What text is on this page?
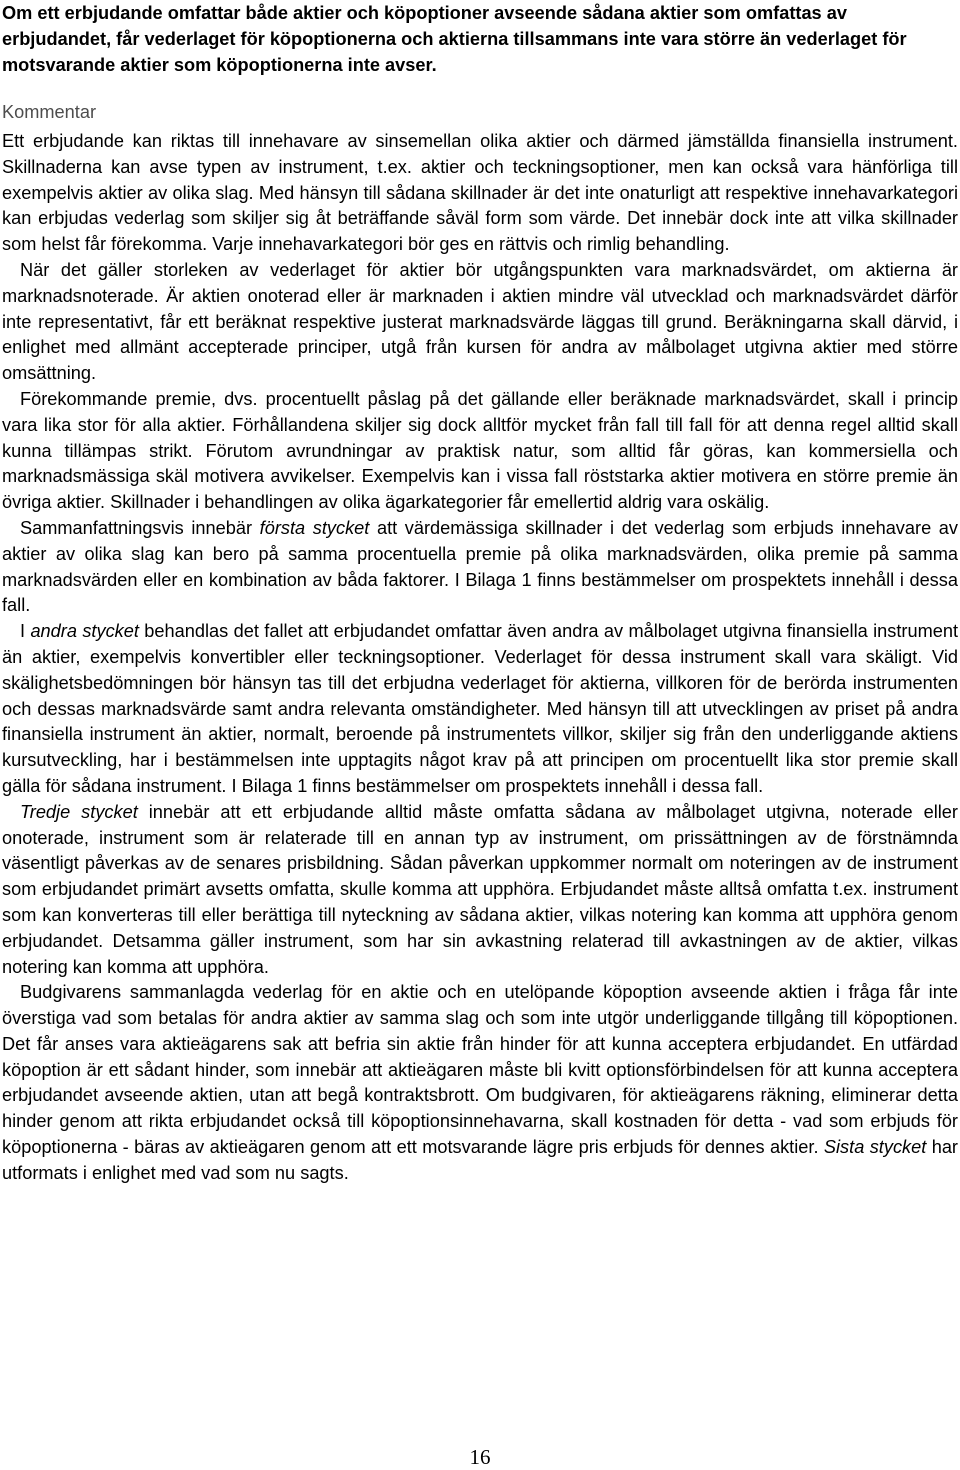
Om ett erbjudande omfattar både aktier och köpoptioner avseende sådana aktier som omfattas av erbjudandet, får vederlaget för köpoptionerna och aktierna tillsammans inte vara större än vederlaget för motsvarande aktier som köpoptionerna inte avser.
Kommentar

Ett erbjudande kan riktas till innehavare av sinsemellan olika aktier och därmed jämställda finansiella instrument. Skillnaderna kan avse typen av instrument, t.ex. aktier och teckningsoptioner, men kan också vara hänförliga till exempelvis aktier av olika slag. Med hänsyn till sådana skillnader är det inte onaturligt att respektive innehavarkategori kan erbjudas vederlag som skiljer sig åt beträffande såväl form som värde. Det innebär dock inte att vilka skillnader som helst får förekomma. Varje innehavarkategori bör ges en rättvis och rimlig behandling.

När det gäller storleken av vederlaget för aktier bör utgångspunkten vara marknadsvärdet, om aktierna är marknadsnoterade. Är aktien onoterad eller är marknaden i aktien mindre väl utvecklad och marknadsvärdet därför inte representativt, får ett beräknat respektive justerat marknadsvärde läggas till grund. Beräkningarna skall därvid, i enlighet med allmänt accepterade principer, utgå från kursen för andra av målbolaget utgivna aktier med större omsättning.

Förekommande premie, dvs. procentuellt påslag på det gällande eller beräknade marknadsvärdet, skall i princip vara lika stor för alla aktier. Förhållandena skiljer sig dock alltför mycket från fall till fall för att denna regel alltid skall kunna tillämpas strikt. Förutom avrundningar av praktisk natur, som alltid får göras, kan kommersiella och marknadsmässiga skäl motivera avvikelser. Exempelvis kan i vissa fall röststarka aktier motivera en större premie än övriga aktier. Skillnader i behandlingen av olika ägarkategorier får emellertid aldrig vara oskälig.

Sammanfattningsvis innebär första stycket att värdemässiga skillnader i det vederlag som erbjuds innehavare av aktier av olika slag kan bero på samma procentuella premie på olika marknadsvärden, olika premie på samma marknadsvärden eller en kombination av båda faktorer. I Bilaga 1 finns bestämmelser om prospektets innehåll i dessa fall.

I andra stycket behandlas det fallet att erbjudandet omfattar även andra av målbolaget utgivna finansiella instrument än aktier, exempelvis konvertibler eller teckningsoptioner. Vederlaget för dessa instrument skall vara skäligt. Vid skälighetsbedömningen bör hänsyn tas till det erbjudna vederlaget för aktierna, villkoren för de berörda instrumenten och dessas marknadsvärde samt andra relevanta omständigheter. Med hänsyn till att utvecklingen av priset på andra finansiella instrument än aktier, normalt, beroende på instrumentets villkor, skiljer sig från den underliggande aktiens kursutveckling, har i bestämmelsen inte upptagits något krav på att principen om procentuellt lika stor premie skall gälla för sådana instrument. I Bilaga 1 finns bestämmelser om prospektets innehåll i dessa fall.

Tredje stycket innebär att ett erbjudande alltid måste omfatta sådana av målbolaget utgivna, noterade eller onoterade, instrument som är relaterade till en annan typ av instrument, om prissättningen av de förstnämnda väsentligt påverkas av de senares prisbildning. Sådan påverkan uppkommer normalt om noteringen av de instrument som erbjudandet primärt avsetts omfatta, skulle komma att upphöra. Erbjudandet måste alltså omfatta t.ex. instrument som kan konverteras till eller berättiga till nyteckning av sådana aktier, vilkas notering kan komma att upphöra genom erbjudandet. Detsamma gäller instrument, som har sin avkastning relaterad till avkastningen av de aktier, vilkas notering kan komma att upphöra.

Budgivarens sammanlagda vederlag för en aktie och en utelöpande köpoption avseende aktien i fråga får inte överstiga vad som betalas för andra aktier av samma slag och som inte utgör underliggande tillgång till köpoptionen. Det får anses vara aktieägarens sak att befria sin aktie från hinder för att kunna acceptera erbjudandet. En utfärdad köpoption är ett sådant hinder, som innebär att aktieägaren måste bli kvitt optionsförbindelsen för att kunna acceptera erbjudandet avseende aktien, utan att begå kontraktsbrott. Om budgivaren, för aktieägarens räkning, eliminerar detta hinder genom att rikta erbjudandet också till köpoptionsinnehavarna, skall kostnaden för detta - vad som erbjuds för köpoptionerna - bäras av aktieägaren genom att ett motsvarande lägre pris erbjuds för dennes aktier. Sista stycket har utformats i enlighet med vad som nu sagts.

16
